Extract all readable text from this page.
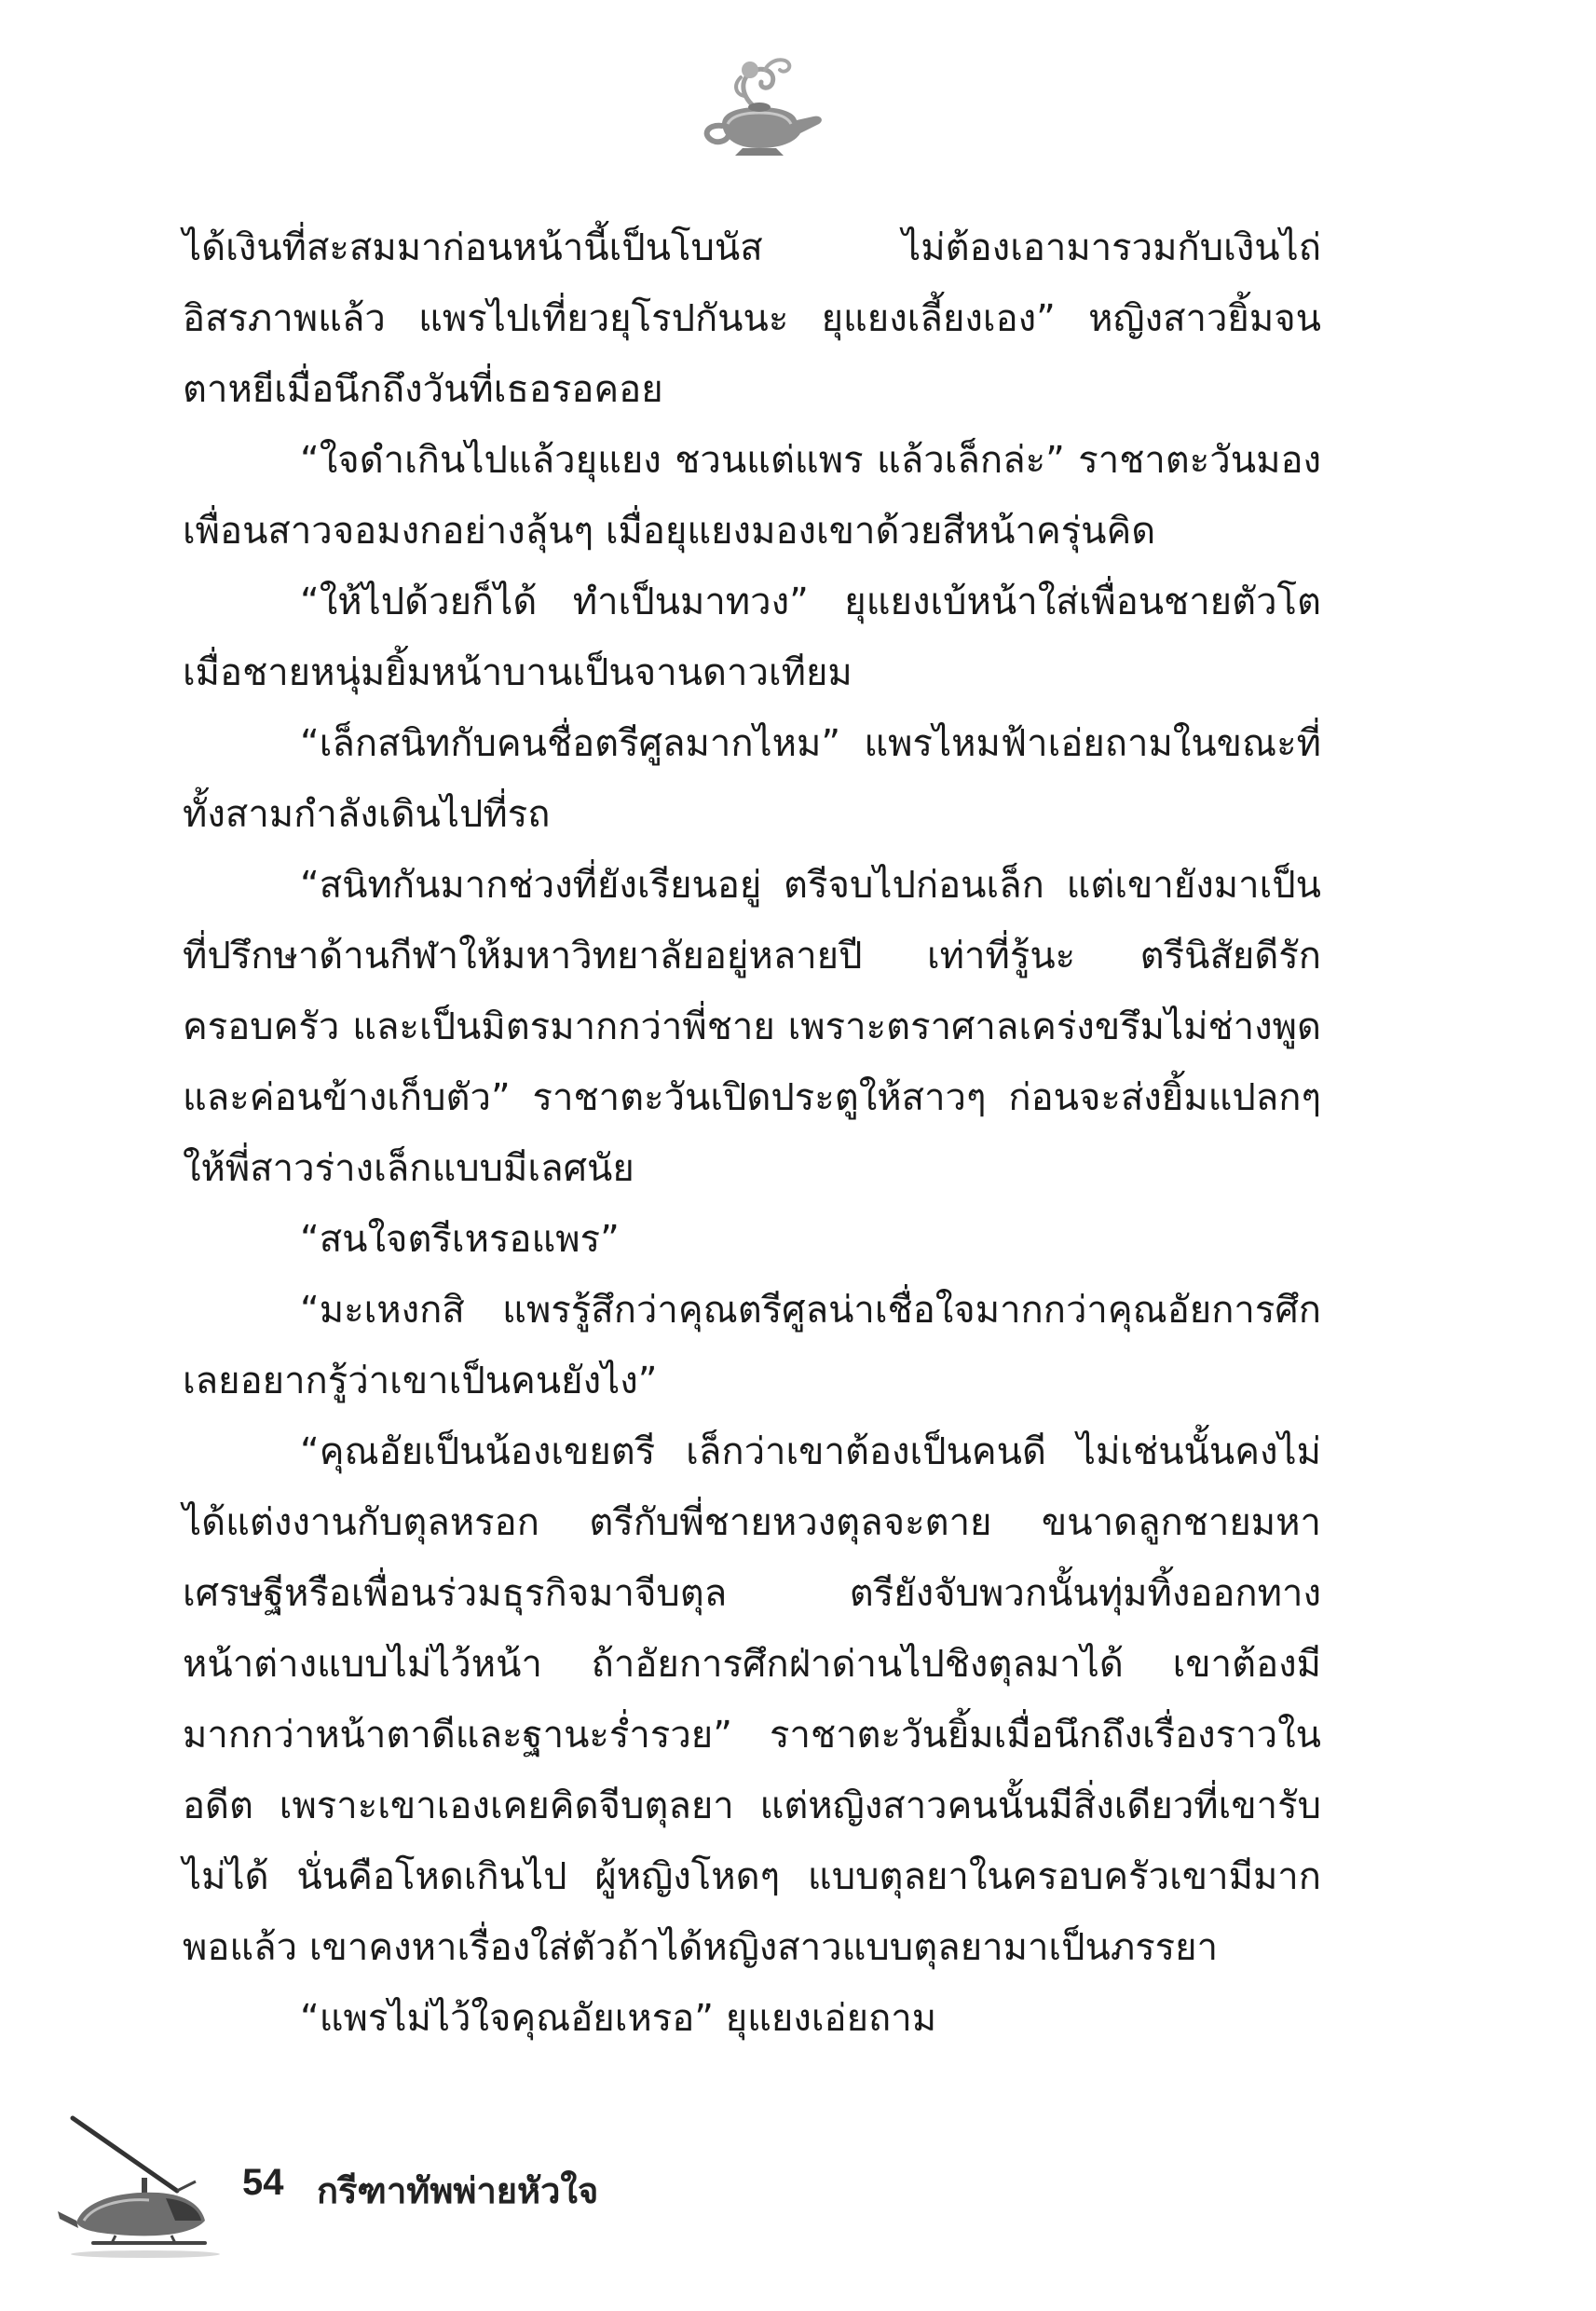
ได้เงินที่สะสมมาก่อนหน้านี้เป็นโบนัส ไม่ต้องเอามารวมกับเงินไถ่อิสรภาพแล้ว แพรไปเที่ยวยุโรปกันนะ ยุแยงเลี้ยงเอง” หญิงสาวยิ้มจนตาหยีเมื่อนึกถึงวันที่เธอรอคอย

“ใจดำเกินไปแล้วยุแยง ชวนแต่แพร แล้วเล็กล่ะ” ราชาตะวันมองเพื่อนสาวจอมงกอย่างลุ้นๆ เมื่อยุแยงมองเขาด้วยสีหน้าครุ่นคิด

“ให้ไปด้วยก็ได้ ทำเป็นมาทวง” ยุแยงเบ้หน้าใส่เพื่อนชายตัวโตเมื่อชายหนุ่มยิ้มหน้าบานเป็นจานดาวเทียม

“เล็กสนิทกับคนชื่อตรีศูลมากไหม” แพรไหมฟ้าเอ่ยถามในขณะที่ทั้งสามกำลังเดินไปที่รถ

“สนิทกันมากช่วงที่ยังเรียนอยู่ ตรีจบไปก่อนเล็ก แต่เขายังมาเป็นที่ปรึกษาด้านกีฬาให้มหาวิทยาลัยอยู่หลายปี เท่าที่รู้นะ ตรีนิสัยดีรักครอบครัว และเป็นมิตรมากกว่าพี่ชาย เพราะตราศาลเคร่งขรึมไม่ช่างพูด และค่อนข้างเก็บตัว” ราชาตะวันเปิดประตูให้สาวๆ ก่อนจะส่งยิ้มแปลกๆ ให้พี่สาวร่างเล็กแบบมีเลศนัย

“สนใจตรีเหรอแพร”

“มะเหงกสิ แพรรู้สึกว่าคุณตรีศูลน่าเชื่อใจมากกว่าคุณอัยการศึกเลยอยากรู้ว่าเขาเป็นคนยังไง”

“คุณอัยเป็นน้องเขยตรี เล็กว่าเขาต้องเป็นคนดี ไม่เช่นนั้นคงไม่ได้แต่งงานกับตุลหรอก ตรีกับพี่ชายหวงตุลจะตาย ขนาดลูกชายมหาเศรษฐีหรือเพื่อนร่วมธุรกิจมาจีบตุล ตรียังจับพวกนั้นทุ่มทิ้งออกทางหน้าต่างแบบไม่ไว้หน้า ถ้าอัยการศึกฝ่าด่านไปชิงตุลมาได้ เขาต้องมีมากกว่าหน้าตาดีและฐานะร่ำรวย” ราชาตะวันยิ้มเมื่อนึกถึงเรื่องราวในอดีต เพราะเขาเองเคยคิดจีบตุลยา แต่หญิงสาวคนนั้นมีสิ่งเดียวที่เขารับไม่ได้ นั่นคือโหดเกินไป ผู้หญิงโหดๆ แบบตุลยาในครอบครัวเขามีมากพอแล้ว เขาคงหาเรื่องใส่ตัวถ้าได้หญิงสาวแบบตุลยามาเป็นภรรยา

“แพรไม่ไว้ใจคุณอัยเหรอ” ยุแยงเอ่ยถาม

54 กรีฑาทัพพ่ายหัวใจ
